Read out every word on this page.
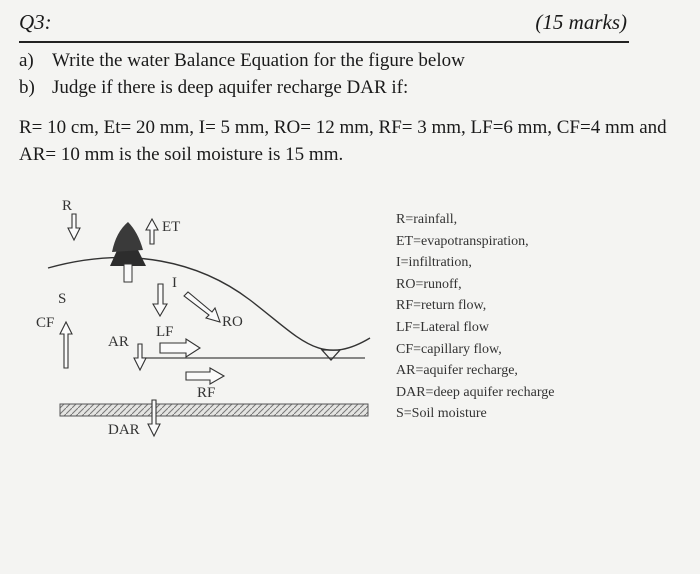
Q3:	(15 marks)
a) Write the water Balance Equation for the figure below
b) Judge if there is deep aquifer recharge DAR if:
R= 10 cm, Et= 20 mm, I= 5 mm, RO= 12 mm, RF= 3 mm, LF=6 mm, CF=4 mm and
AR= 10 mm is the soil moisture is 15 mm.
R
ET
I
S
CF
AR
LF
RO
RF
DAR
R=rainfall,
ET=evapotranspiration,
I=infiltration,
RO=runoff,
RF=return flow,
LF=Lateral flow
CF=capillary flow,
AR=aquifer recharge,
DAR=deep aquifer recharge
S=Soil moisture
